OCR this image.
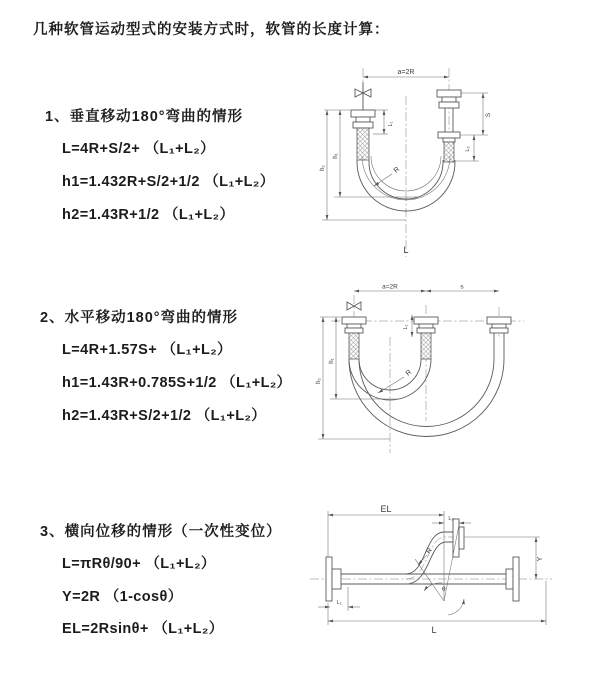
几种软管运动型式的安装方式时，软管的长度计算：
1、垂直移动180°弯曲的情形
L=4R+S/2+ （L₁+L₂）
h1=1.432R+S/2+1/2 （L₁+L₂）
h2=1.43R+1/2 （L₁+L₂）
2、水平移动180°弯曲的情形
L=4R+1.57S+ （L₁+L₂）
h1=1.43R+0.785S+1/2 （L₁+L₂）
h2=1.43R+S/2+1/2 （L₁+L₂）
3、横向位移的情形（一次性变位）
L=πRθ/90+ （L₁+L₂）
Y=2R （1-cosθ）
EL=2Rsinθ+ （L₁+L₂）
a=2R
L₁
R
h₁
h₂
S
L₂
L
a=2R	s
L₁
R
h₁
h₂
θ
R
EL
L₂
Y
L
L₁
